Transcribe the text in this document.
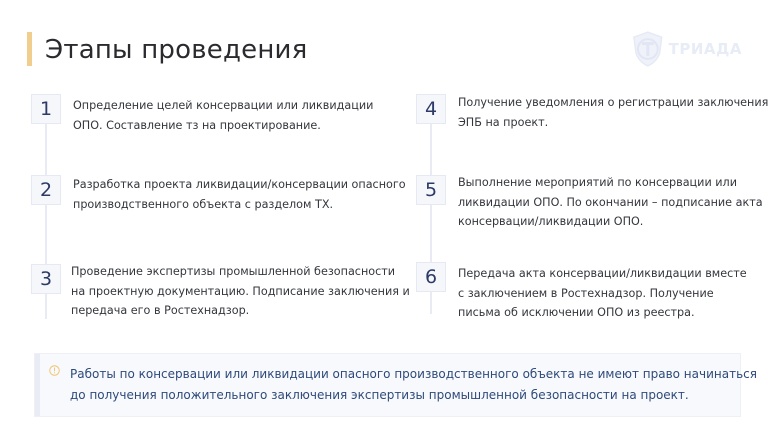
Этапы проведения	ТРИАДА
1	Определение целей консервации или ликвидации
ОПО. Составление тз на проектирование.
2	Разработка проекта ликвидации/консервации опасного
производственного объекта с разделом ТХ.
3	Проведение экспертизы промышленной безопасности
на проектную документацию. Подписание заключения и
передача его в Ростехнадзор.
4	Получение уведомления о регистрации заключения
ЭПБ на проект.
5	Выполнение мероприятий по консервации или
ликвидации ОПО. По окончании – подписание акта
консервации/ликвидации ОПО.
6	Передача акта консервации/ликвидации вместе
с заключением в Ростехнадзор. Получение
письма об исключении ОПО из реестра.
Работы по консервации или ликвидации опасного производственного объекта не имеют право начинаться
до получения положительного заключения экспертизы промышленной безопасности на проект.
